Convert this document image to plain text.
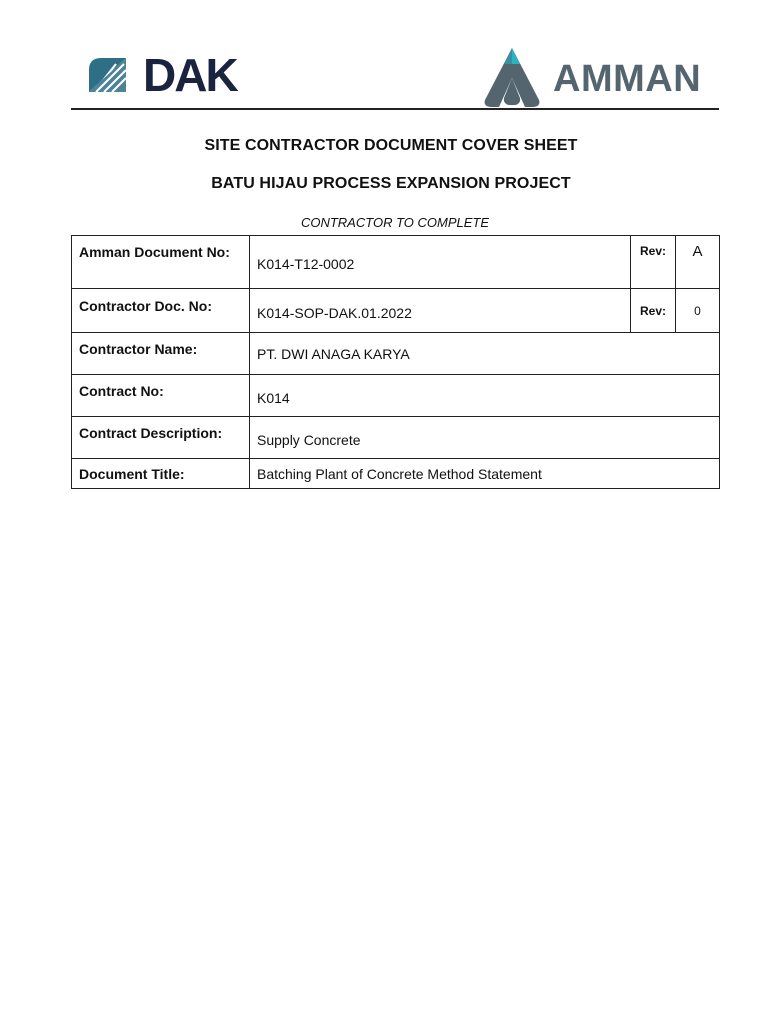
DAK	AMMAN
SITE CONTRACTOR DOCUMENT COVER SHEET
BATU HIJAU PROCESS EXPANSION PROJECT
CONTRACTOR TO COMPLETE
Amman Document No:	K014-T12-0002	Rev:	A
Contractor Doc. No:	K014-SOP-DAK.01.2022	Rev:	0
Contractor Name:	PT. DWI ANAGA KARYA		
Contract No:	K014		
Contract Description:	Supply Concrete		
Document Title:	Batching Plant of Concrete Method Statement		
